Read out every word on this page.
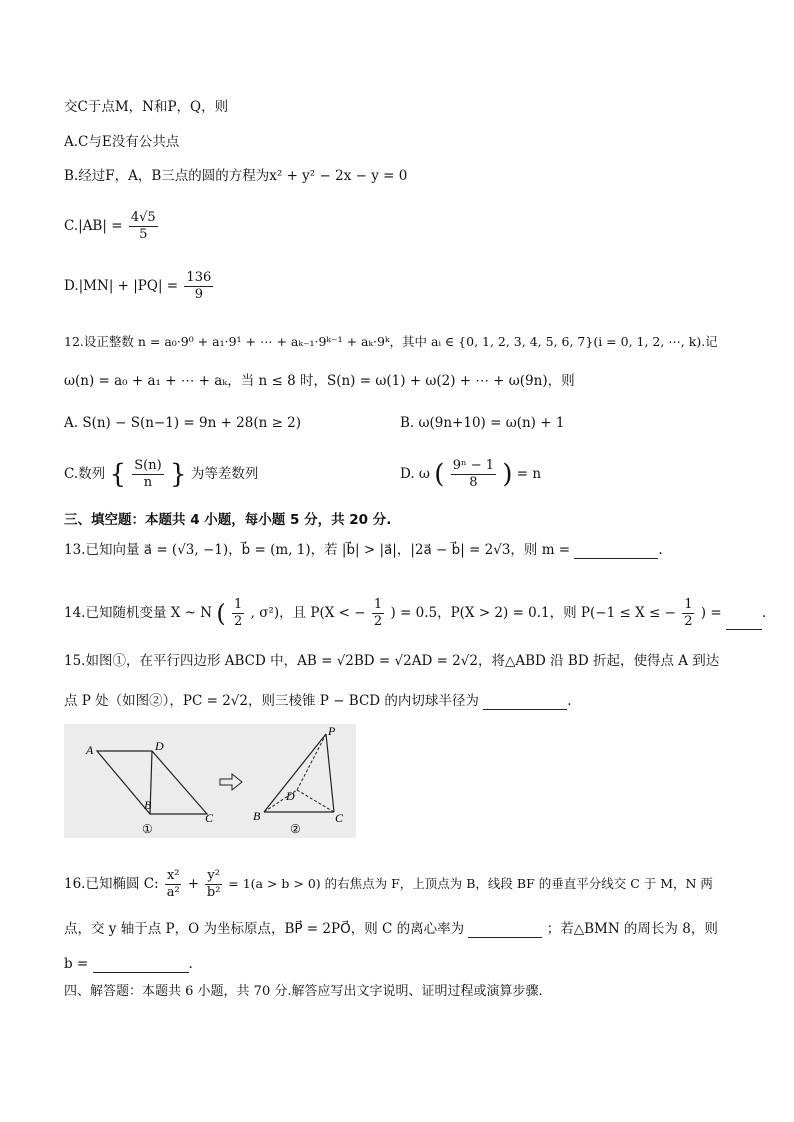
交C于点M，N和P，Q，则
A.C与E没有公共点
B.经过F，A，B三点的圆的方程为x² + y² − 2x − y = 0
$C.|AB| = \frac{4√5}{5}$
$D.|MN| + |PQ| = \frac{136}{9}$
12.设正整数 n = a₀·9⁰ + a₁·9¹ + ⋯ + aₖ₋₁·9ᵏ⁻¹ + aₖ·9ᵏ，其中 aᵢ ∈ {0, 1, 2, 3, 4, 5, 6, 7}(i = 0, 1, 2, ⋯, k).记
ω(n) = a₀ + a₁ + ⋯ + aₖ，当 n ≤ 8 时，S(n) = ω(1) + ω(2) + ⋯ + ω(9n)，则
A. S(n) − S(n−1) = 9n + 28(n ≥ 2)	B. ω(9n+10) = ω(n) + 1
C.数列 { $\frac{S(n)}{n}$ } 为等差数列	D. ω ( $\frac{\text{9ⁿ − 1}}{8}$ ) = n
三、填空题：本题共 4 小题，每小题 5 分，共 20 分.
13.已知向量 a⃗ = (√3, −1)，b⃗ = (m, 1)，若 |b⃗| > |a⃗|，|2a⃗ − b⃗| = 2√3，则 m =	.
14.已知随机变量 X ~ N ( $\frac{1}{2}$ , σ²)，且 P(X < − $\frac{1}{2}$ ) = 0.5，P(X > 2) = 0.1，则 P(−1 ≤ X ≤ − $\frac{1}{2}$ ) =	.
15.如图①，在平行四边形 ABCD 中，AB = √2BD = √2AD = 2√2，将△ABD 沿 BD 折起，使得点 A 到达
点 P 处（如图②），PC = 2√2，则三棱锥 P − BCD 的内切球半径为	.
A	D
B
C
①
P
D
B	C
②
16.已知椭圆 C: $\frac{\text{x²}}{\text{a²}} + \frac{\text{y²}}{\text{b²}} = 1(a > b > 0)$ 的右焦点为 F，上顶点为 B，线段 BF 的垂直平分线交 C 于 M，N 两
点，交 y 轴于点 P，O 为坐标原点，BP⃗ = 2PO⃗，则 C 的离心率为	；若△BMN 的周长为 8，则
b =	.
四、解答题：本题共 6 小题，共 70 分.解答应写出文字说明、证明过程或演算步骤.
